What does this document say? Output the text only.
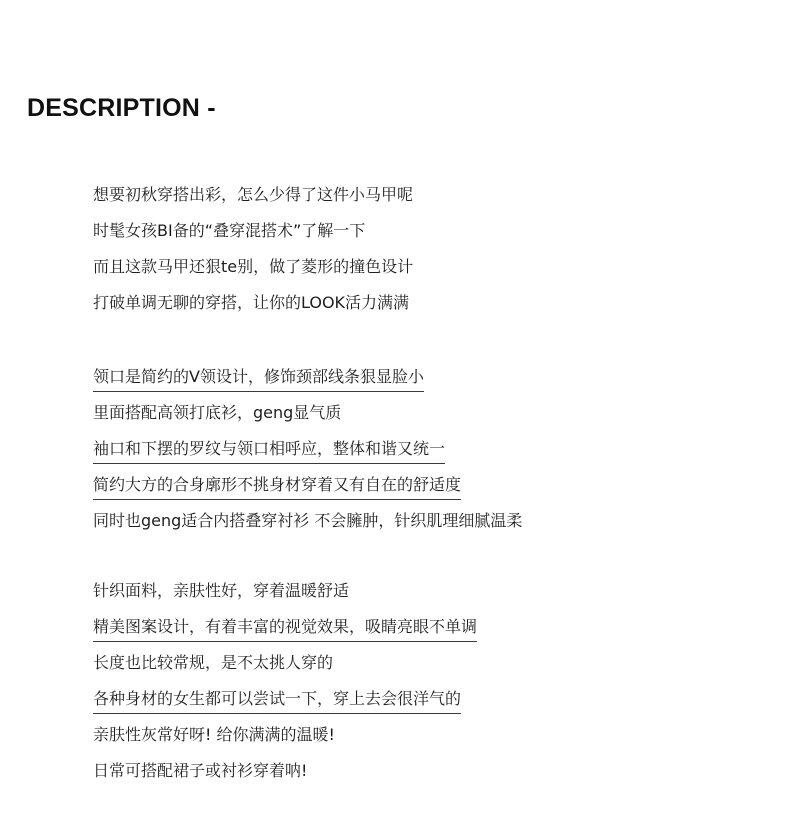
DESCRIPTION -
想要初秋穿搭出彩，怎么少得了这件小马甲呢
时髦女孩BI备的“叠穿混搭术”了解一下
而且这款马甲还狠te别，做了菱形的撞色设计
打破单调无聊的穿搭，让你的LOOK活力满满
领口是简约的V领设计，修饰颈部线条狠显脸小
里面搭配高领打底衫，geng显气质
袖口和下摆的罗纹与领口相呼应，整体和谐又统一
简约大方的合身廓形不挑身材穿着又有自在的舒适度
同时也geng适合内搭叠穿衬衫 不会臃肿，针织肌理细腻温柔
针织面料，亲肤性好，穿着温暖舒适
精美图案设计，有着丰富的视觉效果，吸睛亮眼不单调
长度也比较常规，是不太挑人穿的
各种身材的女生都可以尝试一下，穿上去会很洋气的
亲肤性灰常好呀! 给你满满的温暖!
日常可搭配裙子或衬衫穿着呐!
